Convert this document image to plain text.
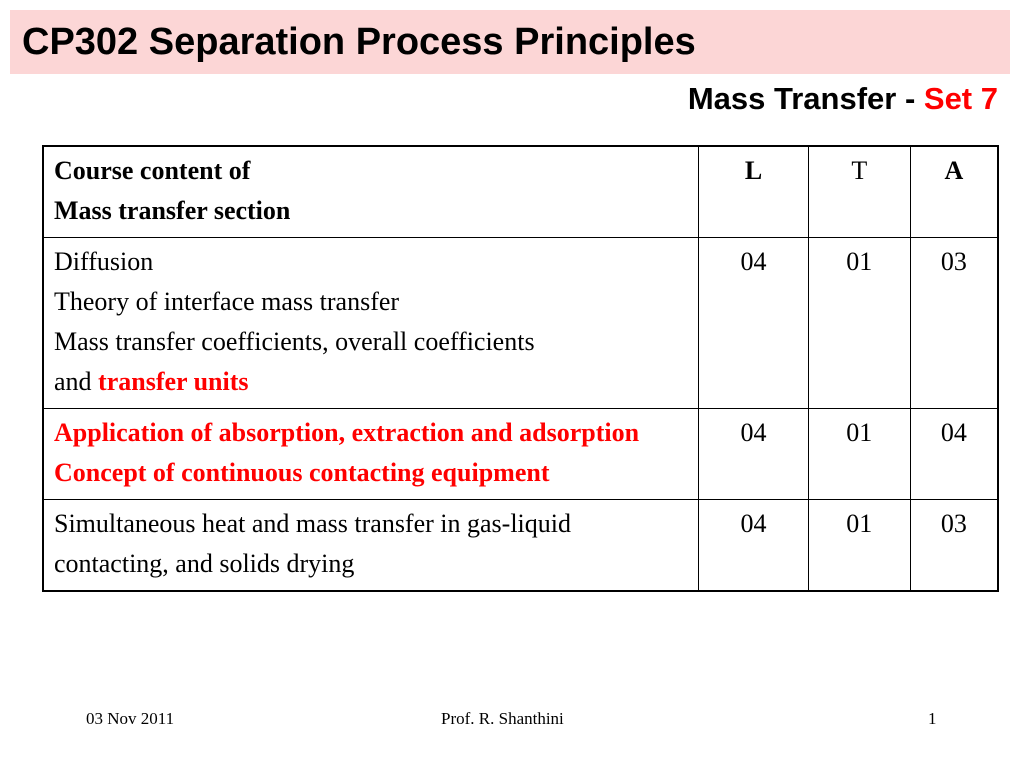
CP302 Separation Process Principles
Mass Transfer - Set 7
Course content of
Mass transfer section	L	T	A

Diffusion
Theory of interface mass transfer
Mass transfer coefficients, overall coefficients
and transfer units	04	01	03

Application of absorption, extraction and adsorption
Concept of continuous contacting equipment	04	01	04

Simultaneous heat and mass transfer in gas-liquid contacting, and solids drying	04	01	03
03 Nov 2011	Prof. R. Shanthini	1
